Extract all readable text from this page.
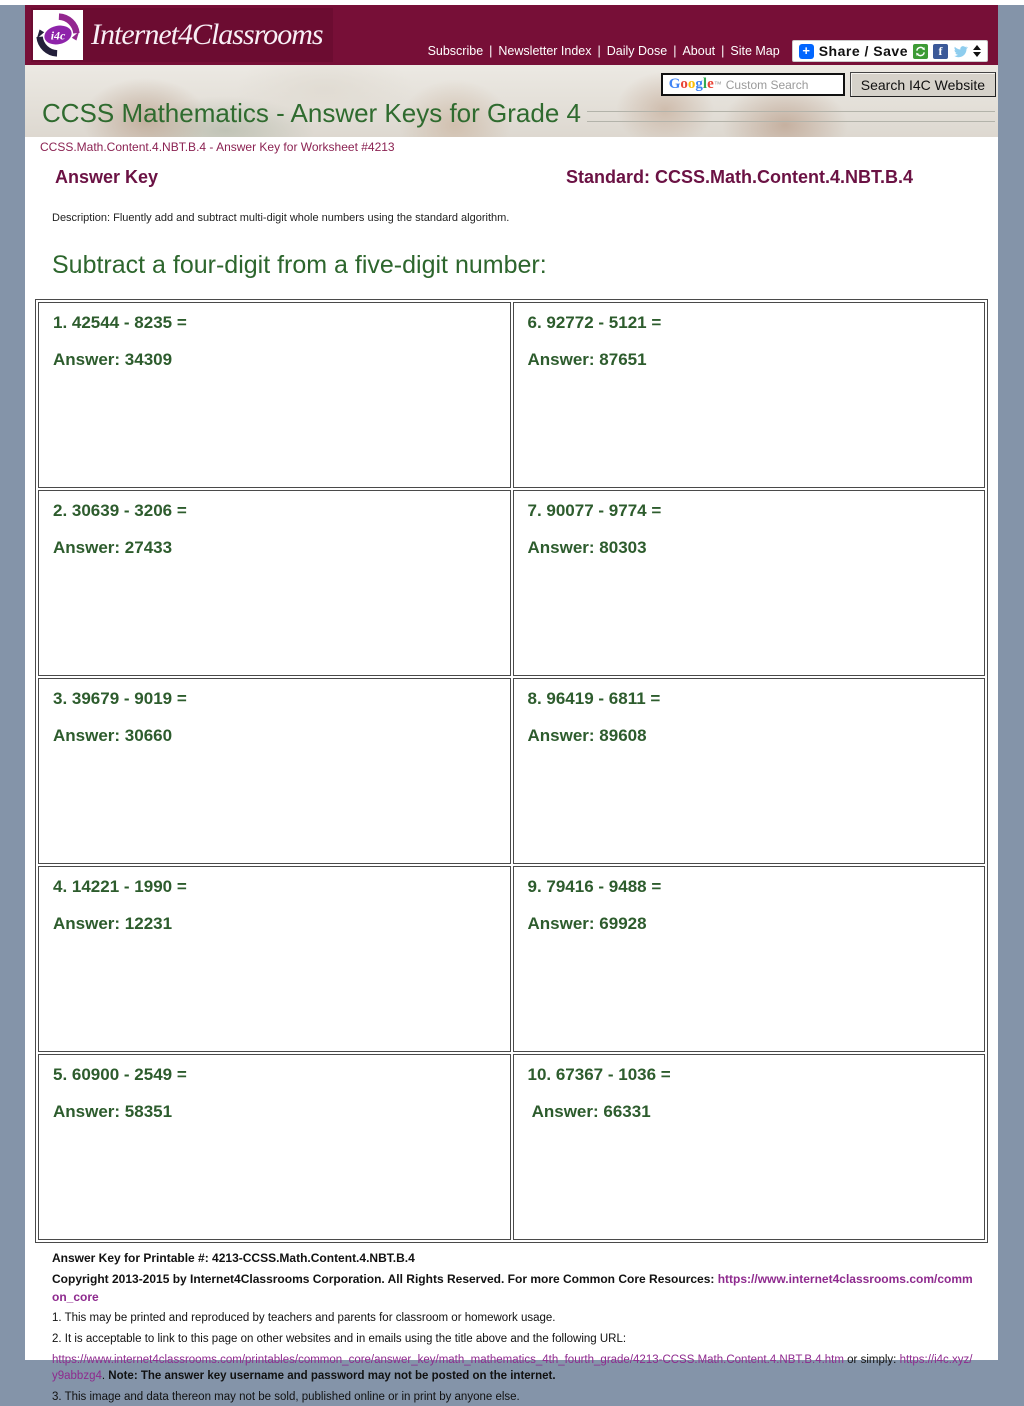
i4c Internet4Classrooms	Subscribe | Newsletter Index | Daily Dose | About | Site Map + Share / Save	f
Google ™ Custom Search	Search I4C Website
CCSS Mathematics - Answer Keys for Grade 4
CCSS.Math.Content.4.NBT.B.4 - Answer Key for Worksheet #4213
Answer Key	Standard: CCSS.Math.Content.4.NBT.B.4
Description: Fluently add and subtract multi-digit whole numbers using the standard algorithm.
Subtract a four-digit from a five-digit number:

1. 42544 - 8235 =

Answer: 34309

6. 92772 - 5121 =

Answer: 87651

2. 30639 - 3206 =

Answer: 27433

7. 90077 - 9774 =

Answer: 80303

3. 39679 - 9019 =

Answer: 30660

8. 96419 - 6811 =

Answer: 89608

4. 14221 - 1990 =

Answer: 12231

9. 79416 - 9488 =

Answer: 69928

5. 60900 - 2549 =

Answer: 58351

10. 67367 - 1036 =

Answer: 66331

Answer Key for Printable #: 4213-CCSS.Math.Content.4.NBT.B.4
Copyright 2013-2015 by Internet4Classrooms Corporation. All Rights Reserved. For more Common Core Resources: https://www.internet4classrooms.com/common_core
1. This may be printed and reproduced by teachers and parents for classroom or homework usage.
2. It is acceptable to link to this page on other websites and in emails using the title above and the following URL:
https://www.internet4classrooms.com/printables/common_core/answer_key/math_mathematics_4th_fourth_grade/4213-CCSS.Math.Content.4.NBT.B.4.htm or simply: https://i4c.xyz/y9abbzg4. Note: The answer key username and password may not be posted on the internet.
3. This image and data thereon may not be sold, published online or in print by anyone else.
